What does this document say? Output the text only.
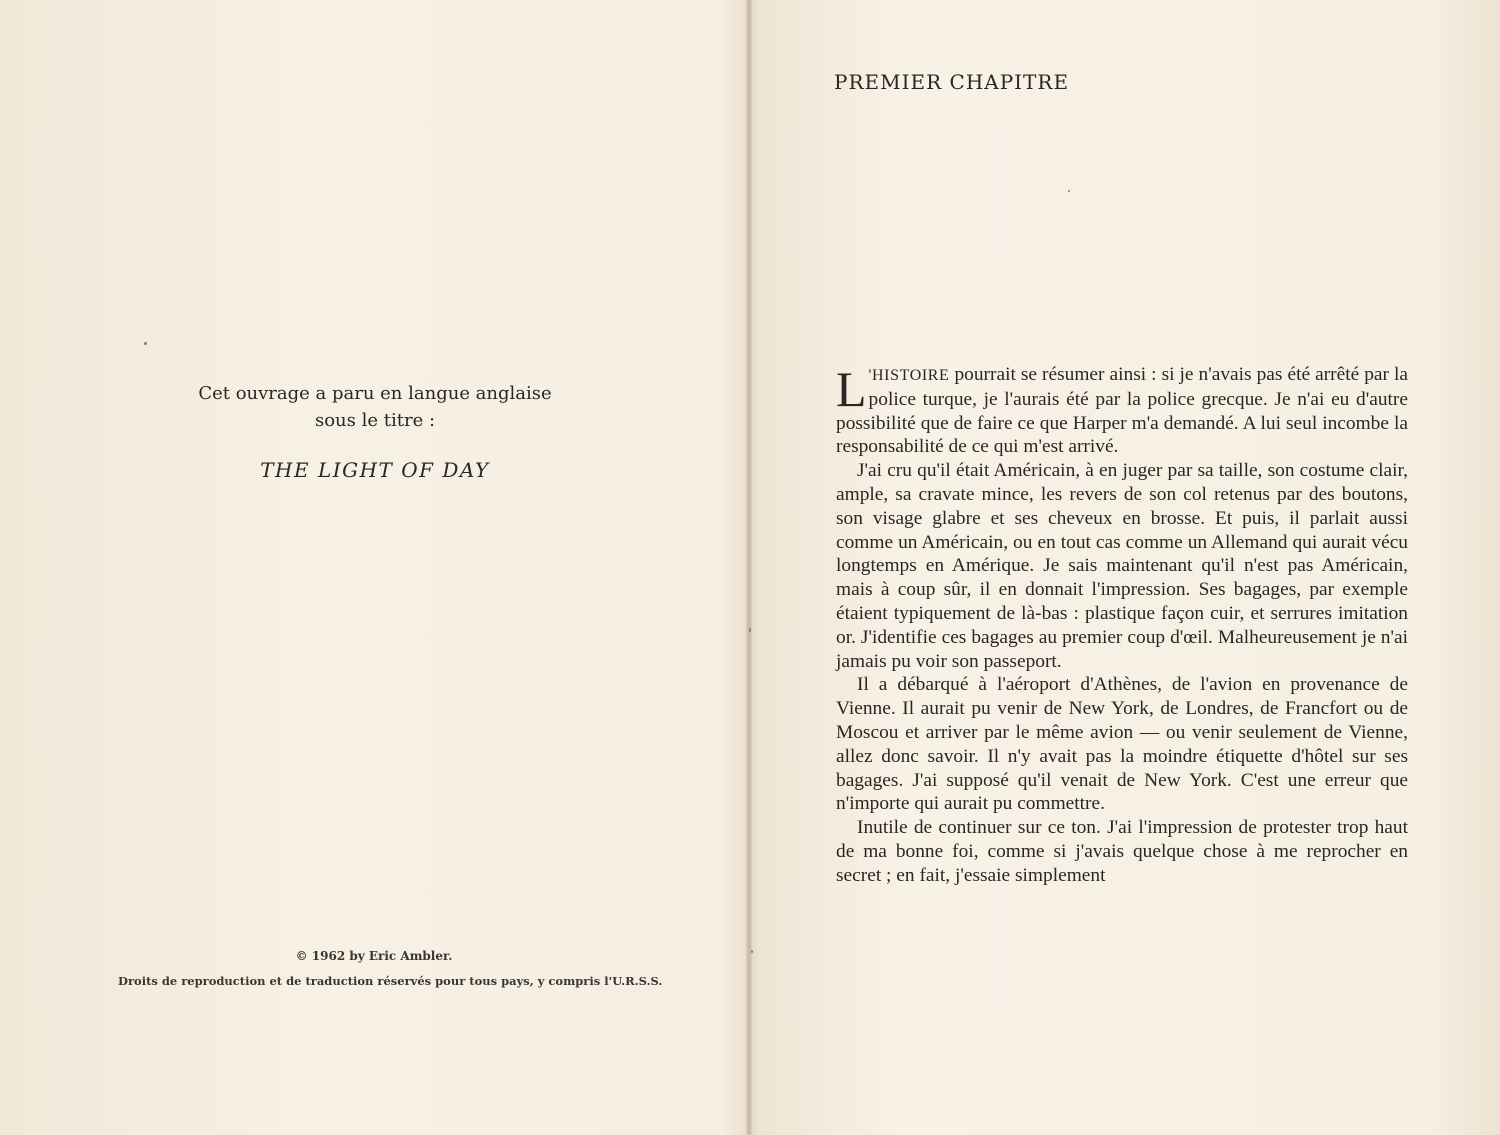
Cet ouvrage a paru en langue anglaise
sous le titre :
THE LIGHT OF DAY
© 1962 by Eric Ambler.
Droits de reproduction et de traduction réservés pour tous pays, y compris l'U.R.S.S.
PREMIER CHAPITRE

L 'HISTOIRE pourrait se résumer ainsi : si je n'avais pas été arrêté par la police turque, je l'aurais été par la police grecque. Je n'ai eu d'autre possibilité que de faire ce que Harper m'a demandé. A lui seul incombe la responsabilité de ce qui m'est arrivé.

J'ai cru qu'il était Américain, à en juger par sa taille, son costume clair, ample, sa cravate mince, les revers de son col retenus par des boutons, son visage glabre et ses cheveux en brosse. Et puis, il parlait aussi comme un Américain, ou en tout cas comme un Allemand qui aurait vécu longtemps en Amérique. Je sais maintenant qu'il n'est pas Américain, mais à coup sûr, il en donnait l'impression. Ses bagages, par exemple étaient typiquement de là-bas : plastique façon cuir, et serrures imitation or. J'identifie ces bagages au premier coup d'œil. Malheureusement je n'ai jamais pu voir son passeport.

Il a débarqué à l'aéroport d'Athènes, de l'avion en provenance de Vienne. Il aurait pu venir de New York, de Londres, de Francfort ou de Moscou et arriver par le même avion — ou venir seulement de Vienne, allez donc savoir. Il n'y avait pas la moindre étiquette d'hôtel sur ses bagages. J'ai supposé qu'il venait de New York. C'est une erreur que n'importe qui aurait pu commettre.

Inutile de continuer sur ce ton. J'ai l'impression de protester trop haut de ma bonne foi, comme si j'avais quelque chose à me reprocher en secret ; en fait, j'essaie simplement
